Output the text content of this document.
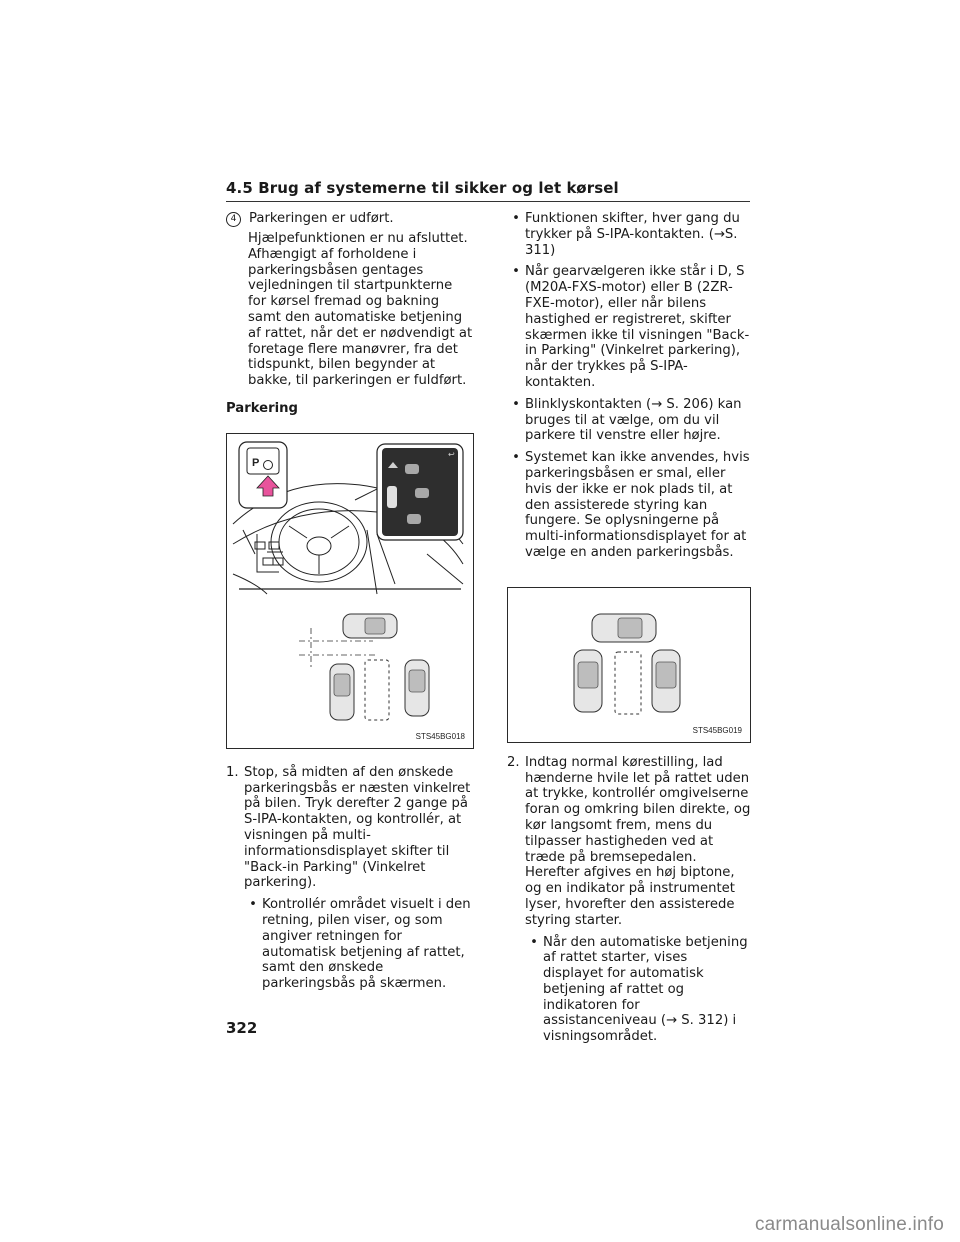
4.5 Brug af systemerne til sikker og let kørsel
4 Parkeringen er udført.

Hjælpefunktionen er nu afsluttet. Afhængigt af forholdene i parkeringsbåsen gentages vejledningen til startpunkterne for kørsel fremad og bakning samt den automatiske betjening af rattet, når det er nødvendigt at foretage flere manøvrer, fra det tidspunkt, bilen begynder at bakke, til parkeringen er fuldført.

Parkering

P
↩
STS45BG018
1. Stop, så midten af den ønskede parkeringsbås er næsten vinkelret på bilen. Tryk derefter 2 gange på S-IPA-kontakten, og kontrollér, at visningen på multi-informationsdisplayet skifter til "Back-in Parking" (Vinkelret parkering).
• Kontrollér området visuelt i den retning, pilen viser, og som angiver retningen for automatisk betjening af rattet, samt den ønskede parkeringsbås på skærmen.
• Funktionen skifter, hver gang du trykker på S-IPA-kontakten. (→S. 311)
• Når gearvælgeren ikke står i D, S (M20A-FXS-motor) eller B (2ZR-FXE-motor), eller når bilens hastighed er registreret, skifter skærmen ikke til visningen "Back-in Parking" (Vinkelret parkering), når der trykkes på S-IPA-kontakten.
• Blinklyskontakten (→ S. 206) kan bruges til at vælge, om du vil parkere til venstre eller højre.
• Systemet kan ikke anvendes, hvis parkeringsbåsen er smal, eller hvis der ikke er nok plads til, at den assisterede styring kan fungere. Se oplysningerne på multi-informationsdisplayet for at vælge en anden parkeringsbås.
STS45BG019
2. Indtag normal kørestilling, lad hænderne hvile let på rattet uden at trykke, kontrollér omgivelserne foran og omkring bilen direkte, og kør langsomt frem, mens du tilpasser hastigheden ved at træde på bremsepedalen. Herefter afgives en høj biptone, og en indikator på instrumentet lyser, hvorefter den assisterede styring starter.
• Når den automatiske betjening af rattet starter, vises displayet for automatisk betjening af rattet og indikatoren for assistanceniveau (→ S. 312) i visningsområdet.
322
carmanualsonline.info
